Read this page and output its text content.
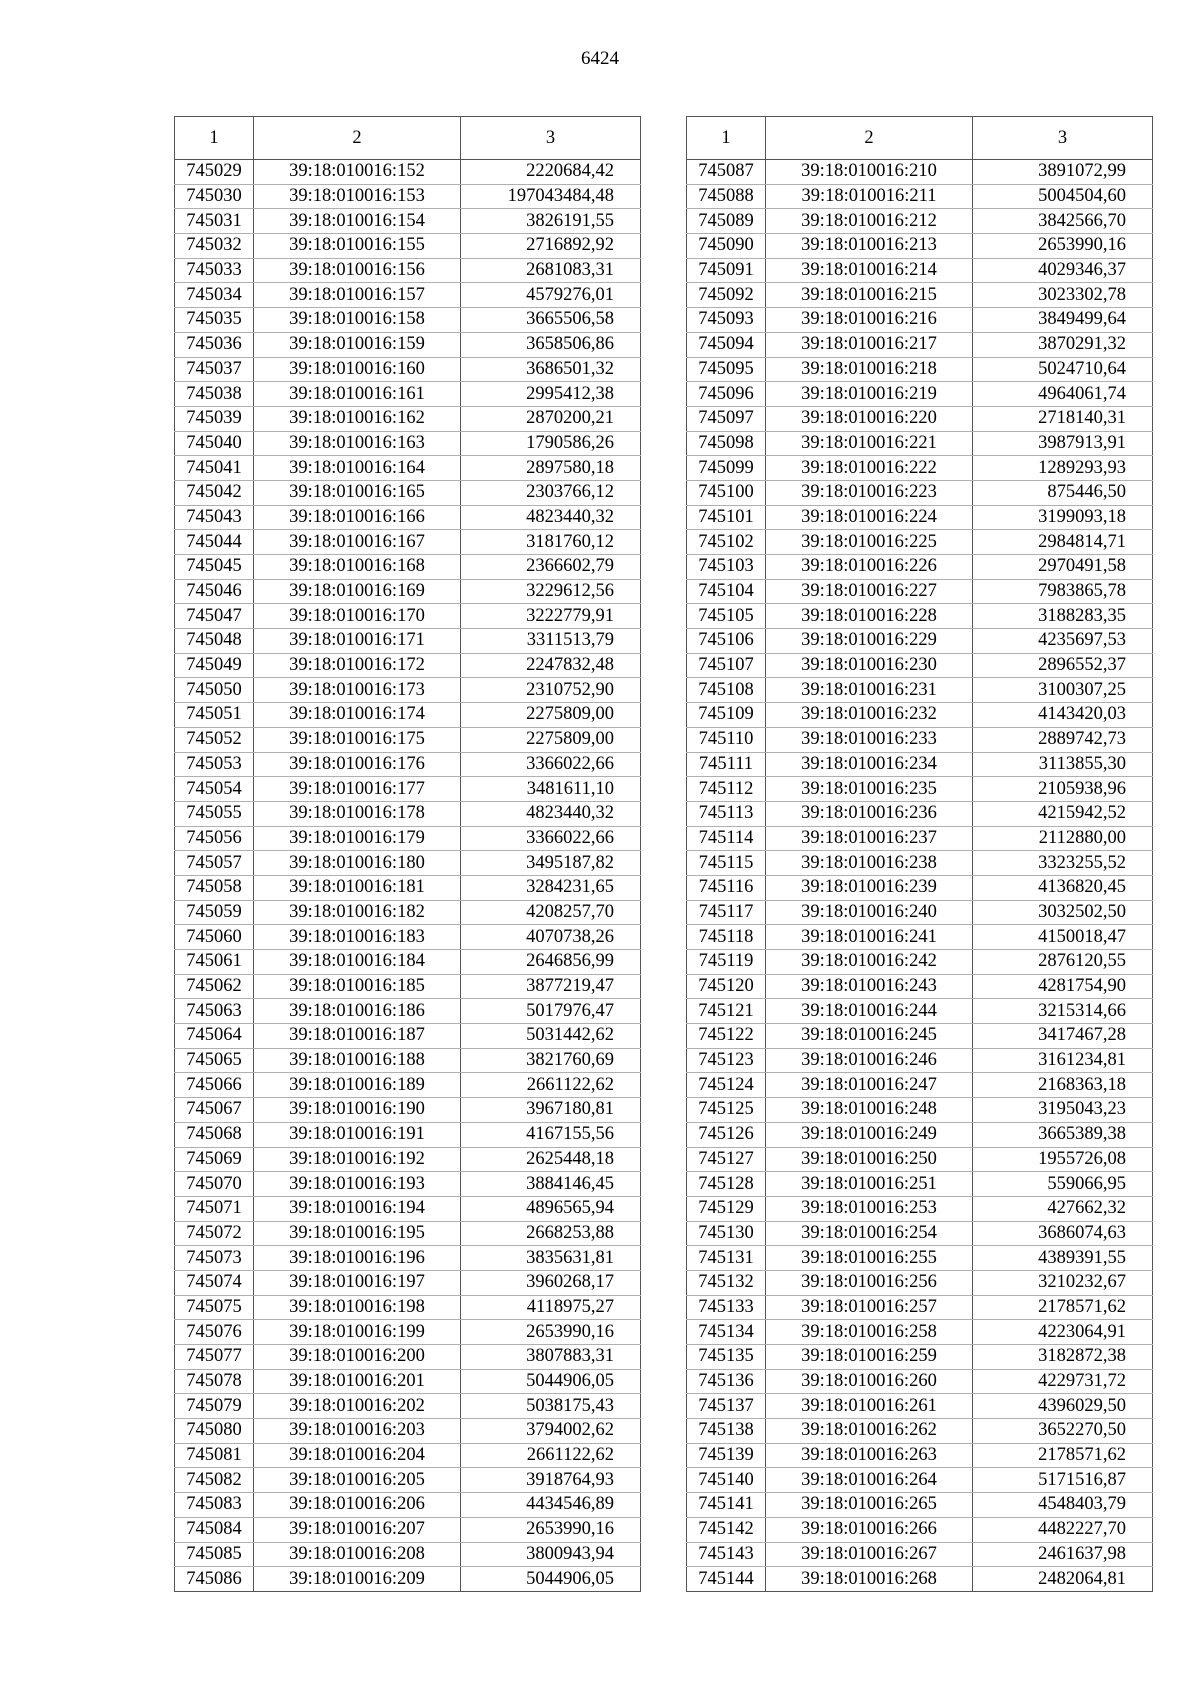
6424
1	2	3
745029	39:18:010016:152	2220684,42
745030	39:18:010016:153	197043484,48
745031	39:18:010016:154	3826191,55
745032	39:18:010016:155	2716892,92
745033	39:18:010016:156	2681083,31
745034	39:18:010016:157	4579276,01
745035	39:18:010016:158	3665506,58
745036	39:18:010016:159	3658506,86
745037	39:18:010016:160	3686501,32
745038	39:18:010016:161	2995412,38
745039	39:18:010016:162	2870200,21
745040	39:18:010016:163	1790586,26
745041	39:18:010016:164	2897580,18
745042	39:18:010016:165	2303766,12
745043	39:18:010016:166	4823440,32
745044	39:18:010016:167	3181760,12
745045	39:18:010016:168	2366602,79
745046	39:18:010016:169	3229612,56
745047	39:18:010016:170	3222779,91
745048	39:18:010016:171	3311513,79
745049	39:18:010016:172	2247832,48
745050	39:18:010016:173	2310752,90
745051	39:18:010016:174	2275809,00
745052	39:18:010016:175	2275809,00
745053	39:18:010016:176	3366022,66
745054	39:18:010016:177	3481611,10
745055	39:18:010016:178	4823440,32
745056	39:18:010016:179	3366022,66
745057	39:18:010016:180	3495187,82
745058	39:18:010016:181	3284231,65
745059	39:18:010016:182	4208257,70
745060	39:18:010016:183	4070738,26
745061	39:18:010016:184	2646856,99
745062	39:18:010016:185	3877219,47
745063	39:18:010016:186	5017976,47
745064	39:18:010016:187	5031442,62
745065	39:18:010016:188	3821760,69
745066	39:18:010016:189	2661122,62
745067	39:18:010016:190	3967180,81
745068	39:18:010016:191	4167155,56
745069	39:18:010016:192	2625448,18
745070	39:18:010016:193	3884146,45
745071	39:18:010016:194	4896565,94
745072	39:18:010016:195	2668253,88
745073	39:18:010016:196	3835631,81
745074	39:18:010016:197	3960268,17
745075	39:18:010016:198	4118975,27
745076	39:18:010016:199	2653990,16
745077	39:18:010016:200	3807883,31
745078	39:18:010016:201	5044906,05
745079	39:18:010016:202	5038175,43
745080	39:18:010016:203	3794002,62
745081	39:18:010016:204	2661122,62
745082	39:18:010016:205	3918764,93
745083	39:18:010016:206	4434546,89
745084	39:18:010016:207	2653990,16
745085	39:18:010016:208	3800943,94
745086	39:18:010016:209	5044906,05
1	2	3
745087	39:18:010016:210	3891072,99
745088	39:18:010016:211	5004504,60
745089	39:18:010016:212	3842566,70
745090	39:18:010016:213	2653990,16
745091	39:18:010016:214	4029346,37
745092	39:18:010016:215	3023302,78
745093	39:18:010016:216	3849499,64
745094	39:18:010016:217	3870291,32
745095	39:18:010016:218	5024710,64
745096	39:18:010016:219	4964061,74
745097	39:18:010016:220	2718140,31
745098	39:18:010016:221	3987913,91
745099	39:18:010016:222	1289293,93
745100	39:18:010016:223	875446,50
745101	39:18:010016:224	3199093,18
745102	39:18:010016:225	2984814,71
745103	39:18:010016:226	2970491,58
745104	39:18:010016:227	7983865,78
745105	39:18:010016:228	3188283,35
745106	39:18:010016:229	4235697,53
745107	39:18:010016:230	2896552,37
745108	39:18:010016:231	3100307,25
745109	39:18:010016:232	4143420,03
745110	39:18:010016:233	2889742,73
745111	39:18:010016:234	3113855,30
745112	39:18:010016:235	2105938,96
745113	39:18:010016:236	4215942,52
745114	39:18:010016:237	2112880,00
745115	39:18:010016:238	3323255,52
745116	39:18:010016:239	4136820,45
745117	39:18:010016:240	3032502,50
745118	39:18:010016:241	4150018,47
745119	39:18:010016:242	2876120,55
745120	39:18:010016:243	4281754,90
745121	39:18:010016:244	3215314,66
745122	39:18:010016:245	3417467,28
745123	39:18:010016:246	3161234,81
745124	39:18:010016:247	2168363,18
745125	39:18:010016:248	3195043,23
745126	39:18:010016:249	3665389,38
745127	39:18:010016:250	1955726,08
745128	39:18:010016:251	559066,95
745129	39:18:010016:253	427662,32
745130	39:18:010016:254	3686074,63
745131	39:18:010016:255	4389391,55
745132	39:18:010016:256	3210232,67
745133	39:18:010016:257	2178571,62
745134	39:18:010016:258	4223064,91
745135	39:18:010016:259	3182872,38
745136	39:18:010016:260	4229731,72
745137	39:18:010016:261	4396029,50
745138	39:18:010016:262	3652270,50
745139	39:18:010016:263	2178571,62
745140	39:18:010016:264	5171516,87
745141	39:18:010016:265	4548403,79
745142	39:18:010016:266	4482227,70
745143	39:18:010016:267	2461637,98
745144	39:18:010016:268	2482064,81
